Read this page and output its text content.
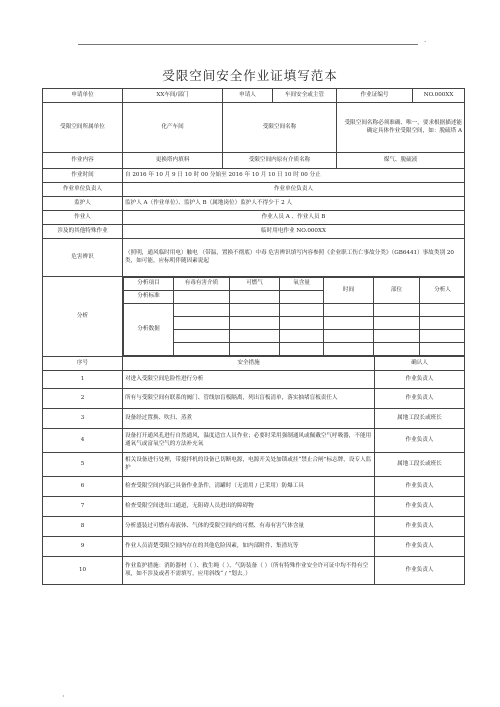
·
受限空间安全作业证填写范本
申请单位	XX车间/部门	申请人	车间安全或主管	作业证编号	NO.000XX
受限空间所属单位	化产车间	受限空间名称	受限空间名称必须准确、唯一，要求根据描述能确定具体作业受限空间，如：脱硫塔 A
作业内容	更换塔内填料	受限空间内原有介质名称	煤气、脱硫液
作业时间	自 2016 年 10 月 9 日 10 时 00 分始至 2016 年 10 月 10 日 10 时 00 分止
作业单位负责人	作业单位负责人
监护人	监护人 A（作业单位）、监护人 B（属地岗位）监护人不得少于 2 人
作业人	作业人员 A 、作业人员 B
涉及的其他特殊作业	临时用电作业 NO.000XX
危害辨识	（照明，通风临时用电）触电 （带温，置换不彻底）中毒 危害辨识填写内容参照《企业职工伤亡事故分类》（GB6441）事故类别 20 类，如可能，应标明伴随因素说起
分析	
分析项目	有毒有害介质	可燃气	氧含量	时间	部位	分析人
分析标准			
分析数据						

序号	安全措施	确认人
1	对进入受限空间危险性进行分析	作业负责人
2	所有与受限空间有联系的阀门、管线加盲板隔离，列出盲板清单，落实抽堵盲板责任人	作业负责人
3	设备经过置换、吹扫、蒸煮	属地工段长或班长
4	设备打开通风孔进行自然通风，温度适宜人员作业；必要时采用强制通风或佩戴空气呼吸器，不能用通氧气或富氧空气的方法补充氧	作业负责人
5	相关设备进行处理，带搅拌机的设备已切断电源，电源开关处加锁或挂“禁止合闸”标志牌，设专人监护	属地工段长或班长
6	检查受限空间内部已具备作业条件，清罐时（无需用 / 已采用）防爆工具	作业负责人
7	检查受限空间进出口通道，无阻碍人员进出的障碍物	作业负责人
8	分析盛装过可燃有毒液体、气体的受限空间内的可燃、有毒有害气体含量	作业负责人
9	作业人员清楚受限空间内存在的其他危险因素，如内部附件、集渣坑等	作业负责人
10	作业监护措施：消防器材（ ）、救生绳（ ）、气防装备（ ）（所有特殊作业安全许可证中均不得有空项，如不涉及或者不需填写，应用斜线“ / ”划去。）	作业负责人
·
